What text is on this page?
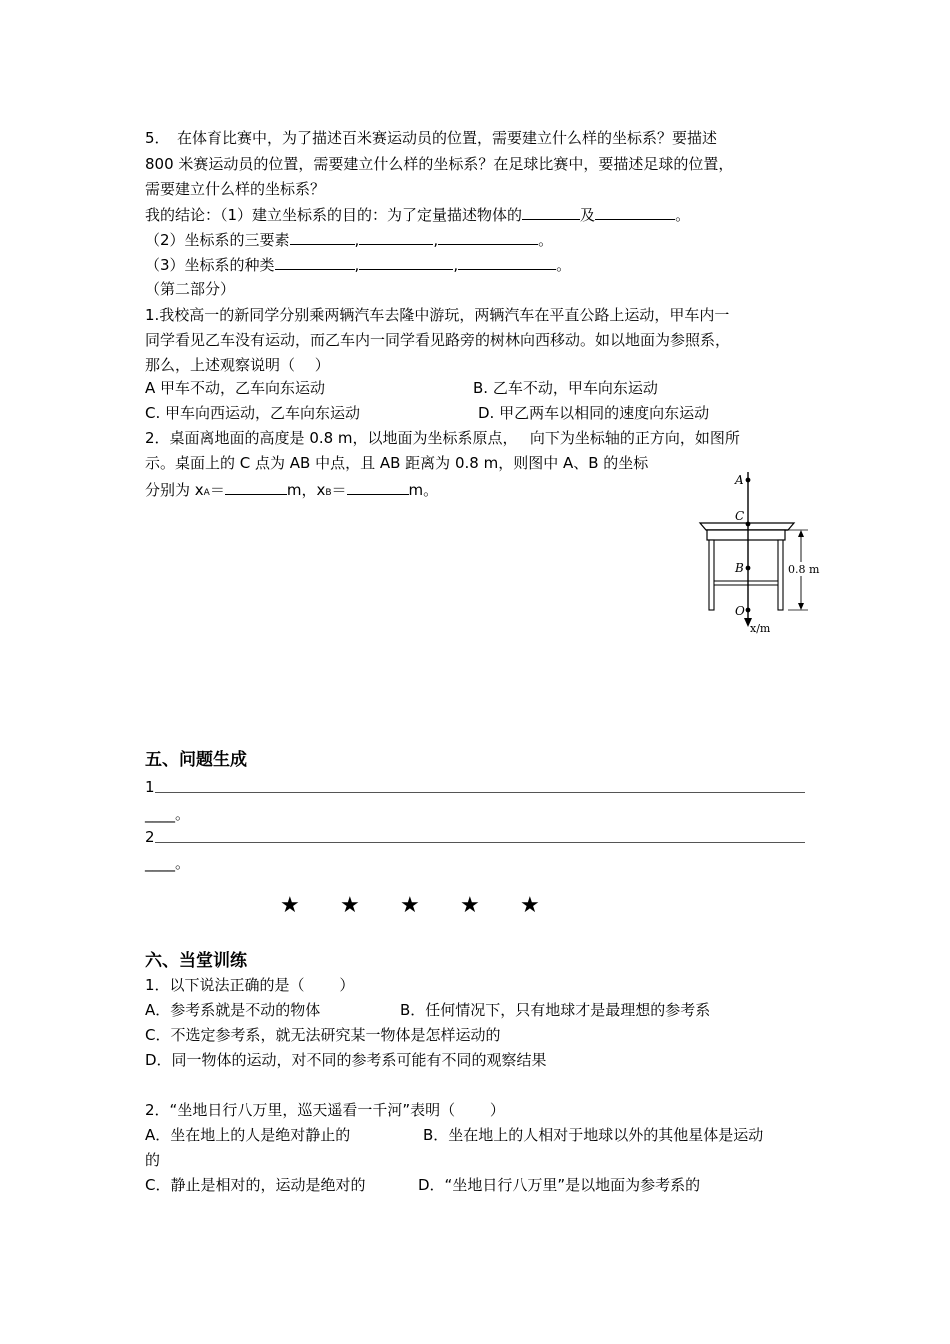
5．　在体育比赛中，为了描述百米赛运动员的位置，需要建立什么样的坐标系？要描述
800 米赛运动员的位置，需要建立什么样的坐标系？在足球比赛中，要描述足球的位置，
需要建立什么样的坐标系？
我的结论：（1）建立坐标系的目的：为了定量描述物体的	及	。
（2）坐标系的三要素	,	,	。
（3）坐标系的种类	,	,	。
（第二部分）
1.我校高一的新同学分别乘两辆汽车去隆中游玩，两辆汽车在平直公路上运动，甲车内一
同学看见乙车没有运动，而乙车内一同学看见路旁的树林向西移动。如以地面为参照系，
那么，上述观察说明（　 ）
A 甲车不动，乙车向东运动	B. 乙车不动，甲车向东运动
C. 甲车向西运动，乙车向东运动	D. 甲乙两车以相同的速度向东运动
2．桌面离地面的高度是 0.8 m，以地面为坐标系原点，　 向下为坐标轴的正方向，如图所
示。桌面上的 C 点为 AB 中点，且 AB 距离为 0.8 m，则图中 A、B 的坐标
分别为 xA＝	m，xB＝	m。
A
C
B
O
x/m
0.8 m
五、问题生成
1
____。
2
____。
★ ★ ★ ★ ★
六、当堂训练
1．以下说法正确的是（　　 ）
A．参考系就是不动的物体	B．任何情况下，只有地球才是最理想的参考系
C．不选定参考系，就无法研究某一物体是怎样运动的
D．同一物体的运动，对不同的参考系可能有不同的观察结果
2．“坐地日行八万里，巡天遥看一千河”表明（　　 ）
A．坐在地上的人是绝对静止的	B．坐在地上的人相对于地球以外的其他星体是运动
的
C．静止是相对的，运动是绝对的	D．“坐地日行八万里”是以地面为参考系的
